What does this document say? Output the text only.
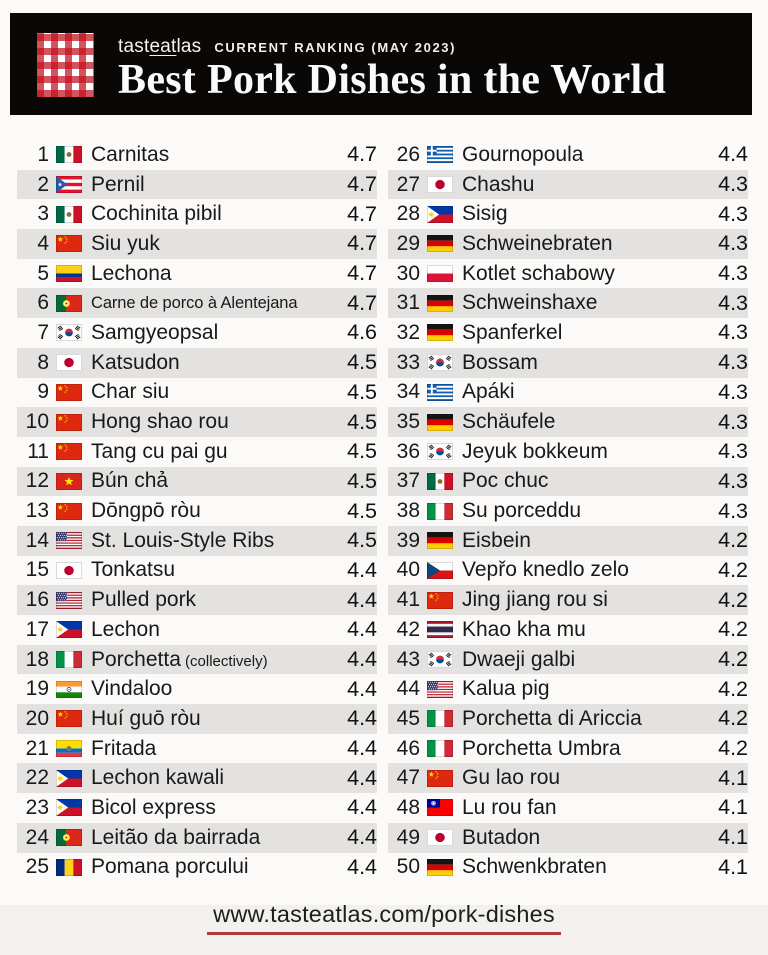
tasteatlas CURRENT RANKING (MAY 2023)
Best Pork Dishes in the World
1 Carnitas	4.7
2 Pernil	4.7
3 Cochinita pibil	4.7
4 Siu yuk	4.7
5 Lechona	4.7
6	Carne de porco à Alentejana	4.7
7 Samgyeopsal	4.6
8 Katsudon	4.5
9 Char siu	4.5
10 Hong shao rou	4.5
11 Tang cu pai gu	4.5
12 Bún chả	4.5
13 Dōngpō ròu	4.5
14 St. Louis-Style Ribs	4.5
15 Tonkatsu	4.4
16 Pulled pork	4.4
17 Lechon	4.4
18 Porchetta (collectively)	4.4
19 Vindaloo	4.4
20 Huí guō ròu	4.4
21 Fritada	4.4
22 Lechon kawali	4.4
23 Bicol express	4.4
24 Leitão da bairrada	4.4
25 Pomana porcului	4.4
26 Gournopoula	4.4
27 Chashu	4.3
28 Sisig	4.3
29 Schweinebraten	4.3
30 Kotlet schabowy	4.3
31 Schweinshaxe	4.3
32 Spanferkel	4.3
33 Bossam	4.3
34 Apáki	4.3
35 Schäufele	4.3
36 Jeyuk bokkeum	4.3
37 Poc chuc	4.3
38 Su porceddu	4.3
39 Eisbein	4.2
40 Vepřo knedlo zelo	4.2
41 Jing jiang rou si	4.2
42 Khao kha mu	4.2
43 Dwaeji galbi	4.2
44 Kalua pig	4.2
45 Porchetta di Ariccia	4.2
46 Porchetta Umbra	4.2
47 Gu lao rou	4.1
48 Lu rou fan	4.1
49 Butadon	4.1
50 Schwenkbraten	4.1
www.tasteatlas.com/pork-dishes
